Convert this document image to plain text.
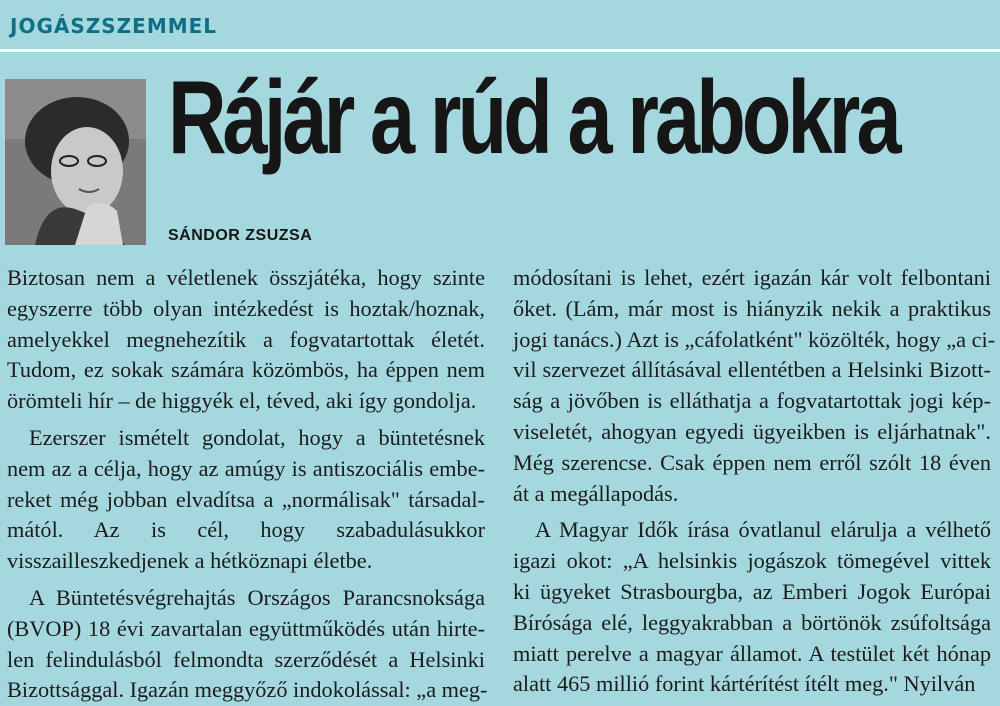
JOGÁSZSZEMMEL
Rájár a rúd a rabokra
SÁNDOR ZSUZSA
Biztosan nem a véletlenek összjátéka, hogy szinte
egyszerre több olyan intézkedést is hoztak/hoznak,
amelyekkel megnehezítik a fogvatartottak életét.
Tudom, ez sokak számára közömbös, ha éppen nem
örömteli hír – de higgyék el, téved, aki így gondolja.
Ezerszer ismételt gondolat, hogy a büntetésnek
nem az a célja, hogy az amúgy is antiszociális embe-
reket még jobban elvadítsa a „normálisak" társadal-
mától. Az is cél, hogy szabadulásukkor visszailleszkedjenek a hétköznapi életbe.
A Büntetésvégrehajtás Országos Parancsnoksága
(BVOP) 18 évi zavartalan együttműködés után hirte-
len felindulásból felmondta szerződését a Helsinki
Bizottsággal. Igazán meggyőző indokolással: „a meg-
módosítani is lehet, ezért igazán kár volt felbontani
őket. (Lám, már most is hiányzik nekik a praktikus
jogi tanács.) Azt is „cáfolatként" közölték, hogy „a ci-
vil szervezet állításával ellentétben a Helsinki Bizott-
ság a jövőben is elláthatja a fogvatartottak jogi kép-
viseletét, ahogyan egyedi ügyeikben is eljárhatnak".
Még szerencse. Csak éppen nem erről szólt 18 éven
át a megállapodás.
A Magyar Idők írása óvatlanul elárulja a vélhető
igazi okot: „A helsinkis jogászok tömegével vittek
ki ügyeket Strasbourgba, az Emberi Jogok Európai
Bírósága elé, leggyakrabban a börtönök zsúfoltsága
miatt perelve a magyar államot. A testület két hónap
alatt 465 millió forint kártérítést ítélt meg." Nyilván
